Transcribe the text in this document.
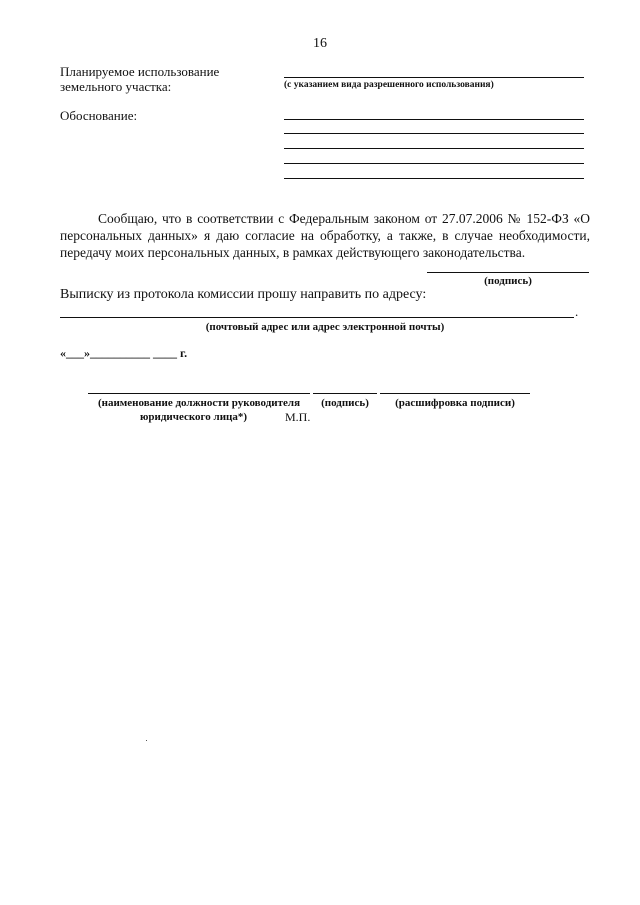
16
Планируемое использование
земельного участка:	(с указанием вида разрешенного использования)
Обоснование:
Сообщаю, что в соответствии с Федеральным законом от 27.07.2006 № 152-ФЗ «О персональных данных» я даю согласие на обработку, а также, в случае необходимости, передачу моих персональных данных, в рамках действующего законодательства.
(подпись)
Выписку из протокола комиссии прошу направить по адресу:
.
(почтовый адрес или адрес электронной почты)
«___»__________ ____ г.
(наименование должности руководителя	(подпись)	(расшифровка подписи)
юридического лица*)	М.П.
